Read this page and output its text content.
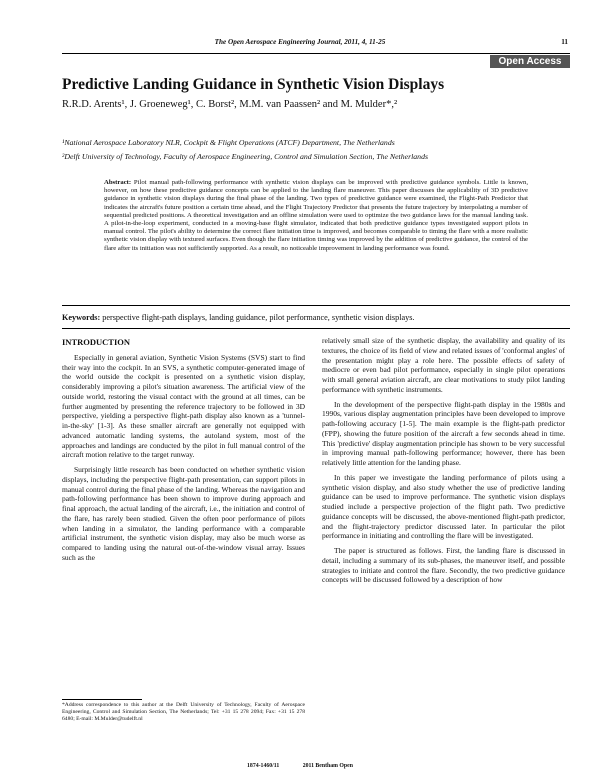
The Open Aerospace Engineering Journal, 2011, 4, 11-25	11
Open Access
Predictive Landing Guidance in Synthetic Vision Displays
R.R.D. Arents¹, J. Groeneweg¹, C. Borst², M.M. van Paassen² and M. Mulder*,²
¹National Aerospace Laboratory NLR, Cockpit & Flight Operations (ATCF) Department, The Netherlands
²Delft University of Technology, Faculty of Aerospace Engineering, Control and Simulation Section, The Netherlands

Abstract: Pilot manual path-following performance with synthetic vision displays can be improved with predictive guidance symbols. Little is known, however, on how these predictive guidance concepts can be applied to the landing flare maneuver. This paper discusses the applicability of 3D predictive guidance in synthetic vision displays during the final phase of the landing. Two types of predictive guidance were examined, the Flight-Path Predictor that indicates the aircraft's future position a certain time ahead, and the Flight Trajectory Predictor that presents the future trajectory by interpolating a number of sequential predicted positions. A theoretical investigation and an offline simulation were used to optimize the two guidance laws for the manual landing task. A pilot-in-the-loop experiment, conducted in a moving-base flight simulator, indicated that both predictive guidance types investigated support pilots in manual control. The pilot's ability to determine the correct flare initiation time is improved, and becomes comparable to timing the flare with a more realistic synthetic vision display with textured surfaces. Even though the flare initiation timing was improved by the addition of predictive guidance, the control of the flare after its initiation was not sufficiently supported. As a result, no noticeable improvement in landing performance was found.

Keywords: perspective flight-path displays, landing guidance, pilot performance, synthetic vision displays.
INTRODUCTION

Especially in general aviation, Synthetic Vision Systems (SVS) start to find their way into the cockpit. In an SVS, a synthetic computer-generated image of the world outside the cockpit is presented on a synthetic vision display, considerably improving a pilot's situation awareness. The artificial view of the outside world, restoring the visual contact with the ground at all times, can be further augmented by presenting the reference trajectory to be followed in 3D perspective, yielding a perspective flight-path display also known as a 'tunnel-in-the-sky' [1-3]. As these smaller aircraft are generally not equipped with advanced automatic landing systems, the autoland system, most of the approaches and landings are conducted by the pilot in full manual control of the aircraft motion relative to the target runway.

Surprisingly little research has been conducted on whether synthetic vision displays, including the perspective flight-path presentation, can support pilots in manual control during the final phase of the landing. Whereas the navigation and path-following performance has been shown to improve during approach and final approach, the actual landing of the aircraft, i.e., the initiation and control of the flare, has rarely been studied. Given the often poor performance of pilots when landing in a simulator, the landing performance with a comparable artificial instrument, the synthetic vision display, may also be much worse as compared to landing using the natural out-of-the-window visual array. Issues such as the

relatively small size of the synthetic display, the availability and quality of its textures, the choice of its field of view and related issues of 'conformal angles' of the presentation might play a role here. The possible effects of safety of mediocre or even bad pilot performance, especially in single pilot operations with small general aviation aircraft, are clear motivations to study pilot landing performance with synthetic instruments.

In the development of the perspective flight-path display in the 1980s and 1990s, various display augmentation principles have been developed to improve path-following accuracy [1-5]. The main example is the flight-path predictor (FPP), showing the future position of the aircraft a few seconds ahead in time. This 'predictive' display augmentation principle has shown to be very successful in improving manual path-following performance; however, there has been relatively little attention for the landing phase.

In this paper we investigate the landing performance of pilots using a synthetic vision display, and also study whether the use of predictive landing guidance can be used to improve performance. The synthetic vision displays studied include a perspective projection of the flight path. Two predictive guidance concepts will be discussed, the above-mentioned flight-path predictor, and the flight-trajectory predictor discussed later. In particular the pilot performance in initiating and controlling the flare will be investigated.

The paper is structured as follows. First, the landing flare is discussed in detail, including a summary of its sub-phases, the maneuver itself, and possible strategies to initiate and control the flare. Secondly, the two predictive guidance concepts will be discussed followed by a description of how

*Address correspondence to this author at the Delft University of Technology, Faculty of Aerospace Engineering, Control and Simulation Section, The Netherlands; Tel: +31 15 278 2094; Fax: +31 15 278 6480; E-mail: M.Mulder@tudelft.nl
1874-1460/11	2011 Bentham Open
